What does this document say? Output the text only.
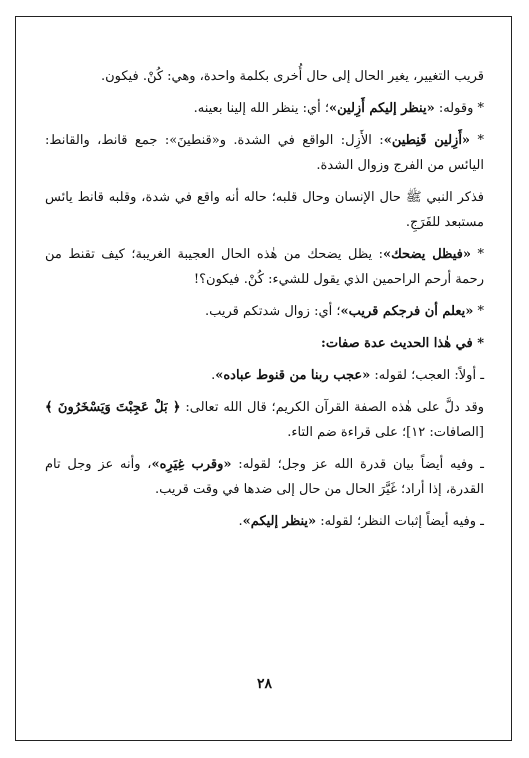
قريب التغيير، يغير الحال إلى حال أُخرى بكلمة واحدة، وهي: كُنْ. فيكون.

* وقوله: «ينظر إليكم أَزِلين»؛ أي: ينظر الله إلينا بعينه.

* «أَزِلين قَنِطين»: الأَزِل: الواقع في الشدة. و«قنطينَ»: جمع قانط، والقانط: اليائس من الفرج وزوال الشدة.

فذكر النبي ﷺ حال الإنسان وحال قلبه؛ حاله أنه واقع في شدة، وقلبه قانط يائس مستبعد للفَرَجِ.

* «فيظل يضحك»: يظل يضحك من هٰذه الحال العجيبة الغريبة؛ كيف تقنط من رحمة أرحم الراحمين الذي يقول للشيء: كُنْ. فيكون؟!

* «يعلم أن فرجكم قريب»؛ أي: زوال شدتكم قريب.

* في هٰذا الحديث عدة صفات:

ـ أولاً: العجب؛ لقوله: «عجب ربنا من قنوط عباده».

وقد دلَّ على هٰذه الصفة القرآن الكريم؛ قال الله تعالى: ﴿ بَلْ عَجِبْتَ وَيَسْخَرُونَ ﴾ [الصافات: ١٢]؛ على قراءة ضم التاء.

ـ وفيه أيضاً بيان قدرة الله عز وجل؛ لقوله: «وقرب غِيَرِه»، وأنه عز وجل تام القدرة، إذا أراد؛ غَيَّرَ الحال من حال إلى ضدها في وقت قريب.

ـ وفيه أيضاً إثبات النظر؛ لقوله: «ينظر إليكم».

٢٨
